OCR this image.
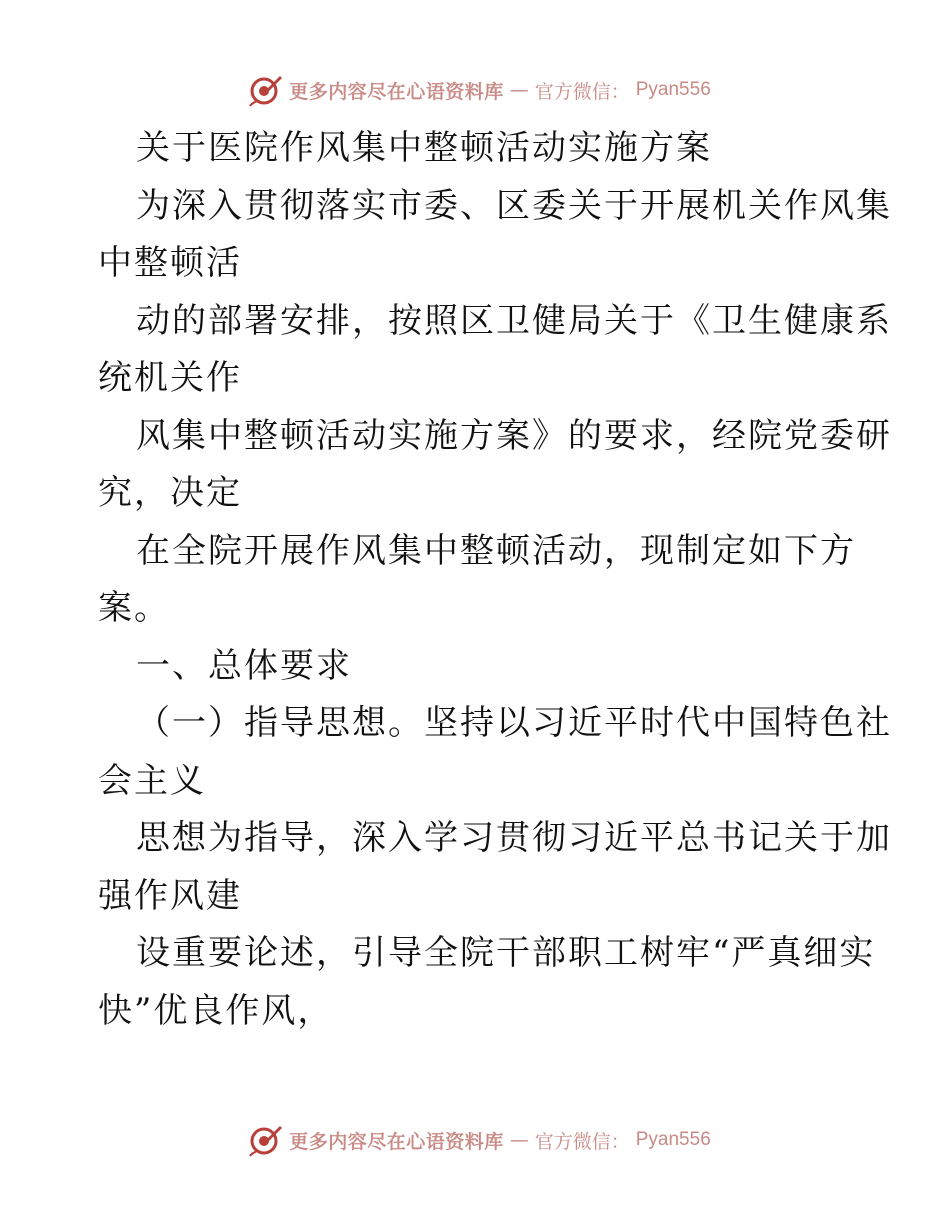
更多内容尽在心语资料库 — 官方微信： Pyan556
关于医院作风集中整顿活动实施方案
为深入贯彻落实市委、区委关于开展机关作风集
中整顿活
动的部署安排，按照区卫健局关于《卫生健康系
统机关作
风集中整顿活动实施方案》的要求，经院党委研
究，决定
在全院开展作风集中整顿活动，现制定如下方
案。
一、总体要求
（一）指导思想。坚持以习近平时代中国特色社
会主义
思想为指导，深入学习贯彻习近平总书记关于加
强作风建
设重要论述，引导全院干部职工树牢“严真细实
快”优良作风，
更多内容尽在心语资料库 — 官方微信： Pyan556
